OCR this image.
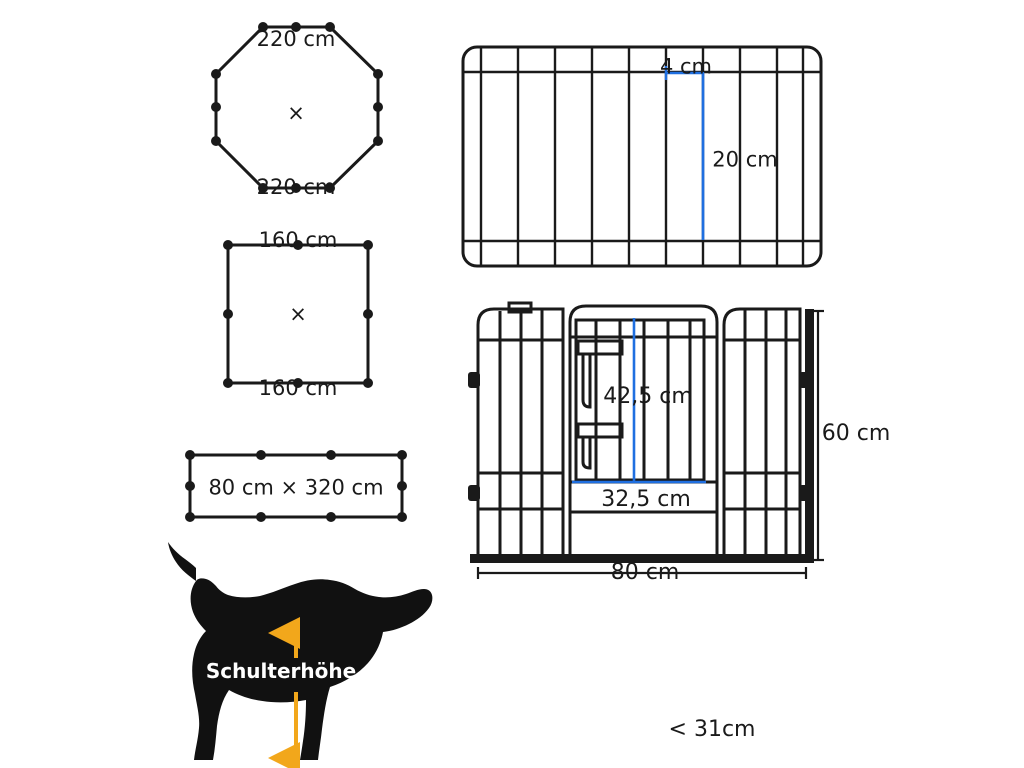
220 cm

×

220 cm

160 cm

×

160 cm

80 cm × 320 cm
4 cm
20 cm
42,5 cm
32,5 cm
60 cm
80 cm
Schulterhöhe
< 31cm
